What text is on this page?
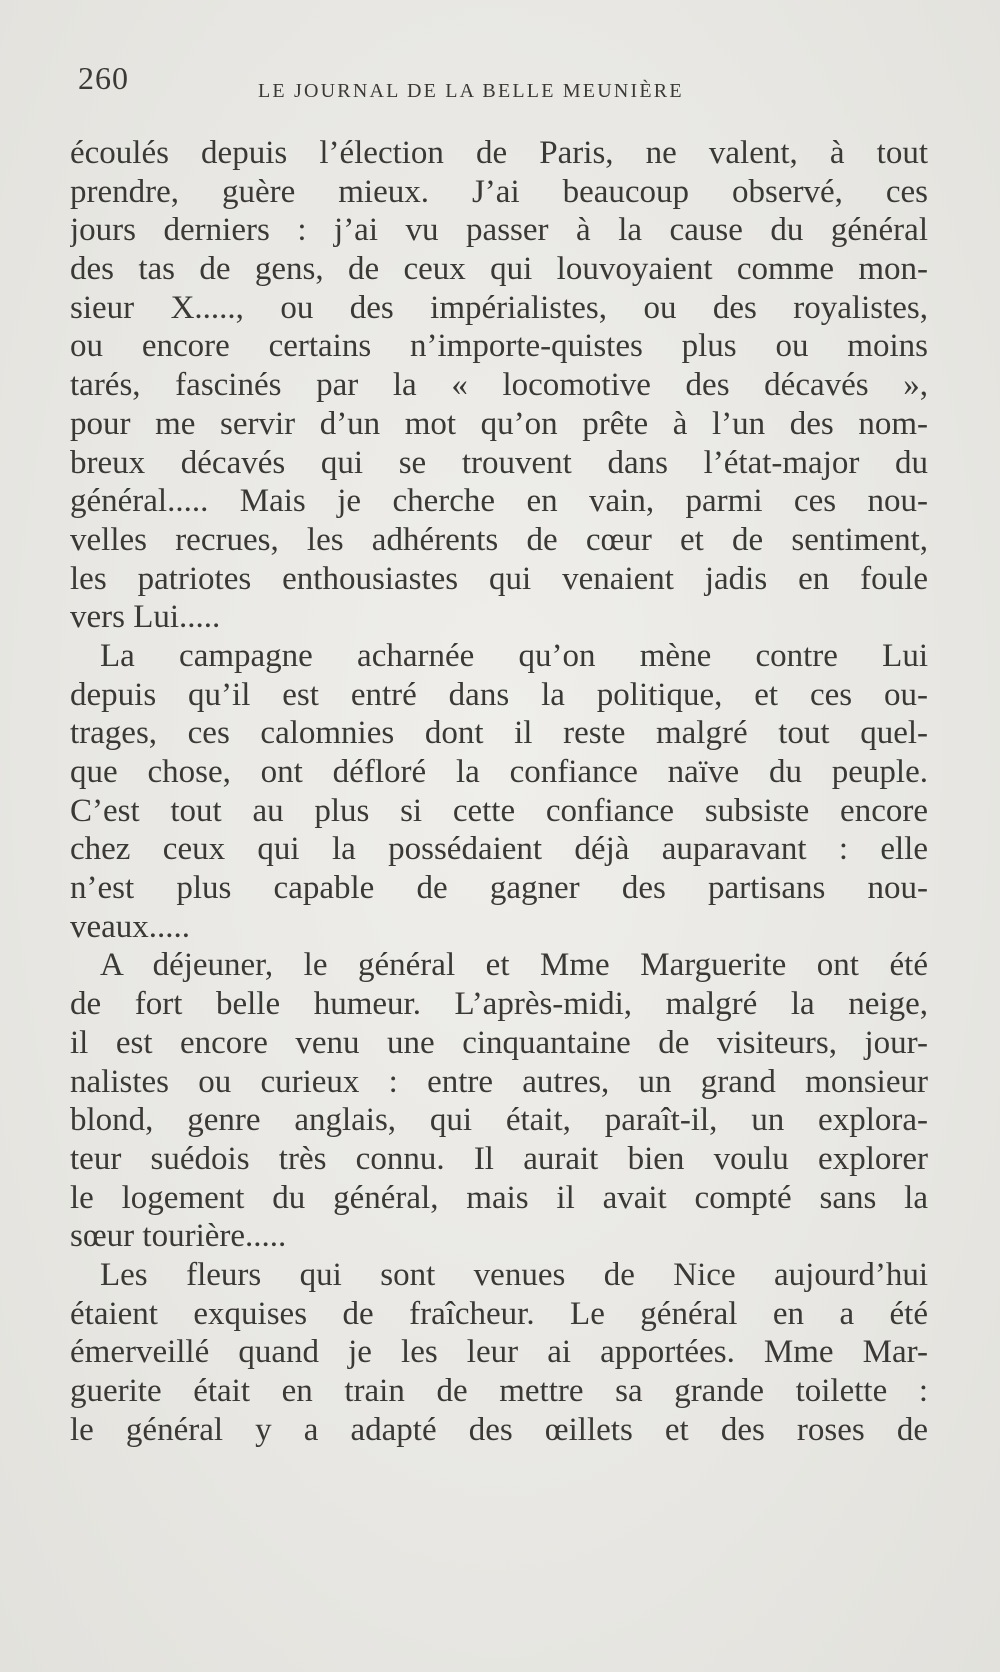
260	LE JOURNAL DE LA BELLE MEUNIÈRE
écoulés depuis l’élection de Paris, ne valent, à tout
prendre, guère mieux. J’ai beaucoup observé, ces
jours derniers : j’ai vu passer à la cause du général
des tas de gens, de ceux qui louvoyaient comme mon-
sieur X....., ou des impérialistes, ou des royalistes,
ou encore certains n’importe-quistes plus ou moins
tarés, fascinés par la « locomotive des décavés »,
pour me servir d’un mot qu’on prête à l’un des nom-
breux décavés qui se trouvent dans l’état-major du
général..... Mais je cherche en vain, parmi ces nou-
velles recrues, les adhérents de cœur et de sentiment,
les patriotes enthousiastes qui venaient jadis en foule
vers Lui.....
La campagne acharnée qu’on mène contre Lui
depuis qu’il est entré dans la politique, et ces ou-
trages, ces calomnies dont il reste malgré tout quel-
que chose, ont défloré la confiance naïve du peuple.
C’est tout au plus si cette confiance subsiste encore
chez ceux qui la possédaient déjà auparavant : elle
n’est plus capable de gagner des partisans nou-
veaux.....
A déjeuner, le général et Mme Marguerite ont été
de fort belle humeur. L’après-midi, malgré la neige,
il est encore venu une cinquantaine de visiteurs, jour-
nalistes ou curieux : entre autres, un grand monsieur
blond, genre anglais, qui était, paraît-il, un explora-
teur suédois très connu. Il aurait bien voulu explorer
le logement du général, mais il avait compté sans la
sœur tourière.....
Les fleurs qui sont venues de Nice aujourd’hui
étaient exquises de fraîcheur. Le général en a été
émerveillé quand je les leur ai apportées. Mme Mar-
guerite était en train de mettre sa grande toilette :
le général y a adapté des œillets et des roses de
